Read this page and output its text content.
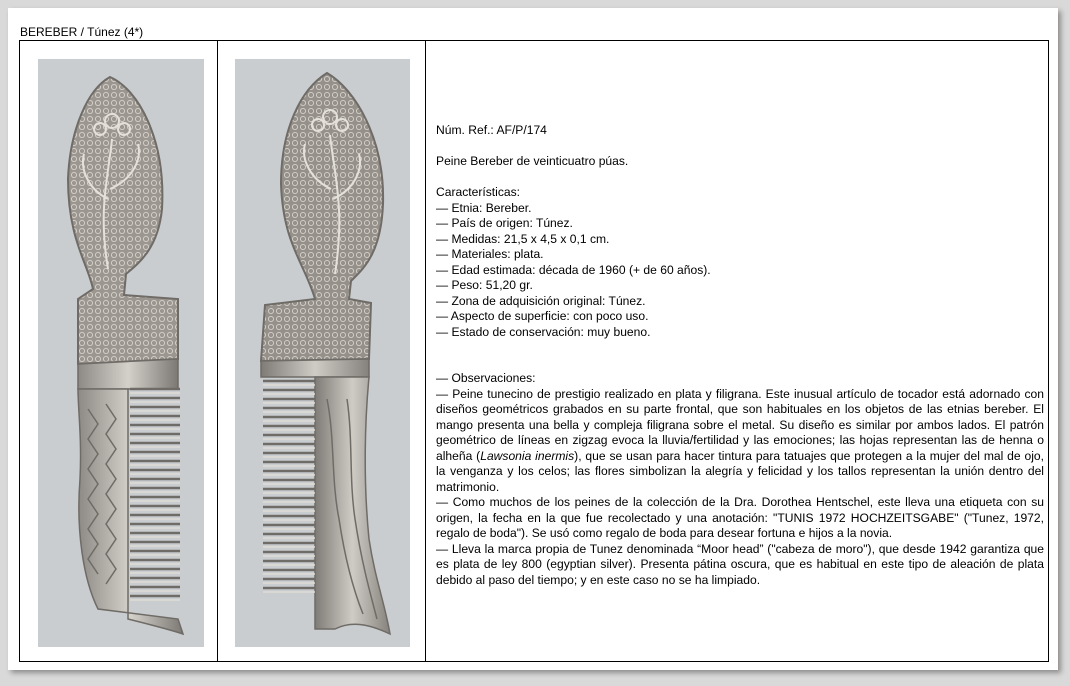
BEREBER / Túnez (4*)

Núm. Ref.: AF/P/174

Peine Bereber de veinticuatro púas.

Características:

— Etnia: Bereber.

— País de origen: Túnez.

— Medidas: 21,5 x 4,5 x 0,1 cm.

— Materiales: plata.

— Edad estimada: década de 1960 (+ de 60 años).

— Peso: 51,20 gr.

— Zona de adquisición original: Túnez.

— Aspecto de superficie: con poco uso.

— Estado de conservación: muy bueno.

— Observaciones:

— Peine tunecino de prestigio realizado en plata y filigrana. Este inusual artículo de tocador está adornado con diseños geométricos grabados en su parte frontal, que son habituales en los objetos de las etnias bereber. El mango presenta una bella y compleja filigrana sobre el metal. Su diseño es similar por ambos lados. El patrón geométrico de líneas en zigzag evoca la lluvia/fertilidad y las emociones; las hojas representan las de henna o alheña (Lawsonia inermis), que se usan para hacer tintura para tatuajes que protegen a la mujer del mal de ojo, la venganza y los celos; las flores simbolizan la alegría y felicidad y los tallos representan la unión dentro del matrimonio.

— Como muchos de los peines de la colección de la Dra. Dorothea Hentschel, este lleva una etiqueta con su origen, la fecha en la que fue recolectado y una anotación: "TUNIS 1972 HOCHZEITSGABE" ("Tunez, 1972, regalo de boda"). Se usó como regalo de boda para desear fortuna e hijos a la novia.

— Lleva la marca propia de Tunez denominada “Moor head” ("cabeza de moro"), que desde 1942 garantiza que es plata de ley 800 (egyptian silver). Presenta pátina oscura, que es habitual en este tipo de aleación de plata debido al paso del tiempo; y en este caso no se ha limpiado.
